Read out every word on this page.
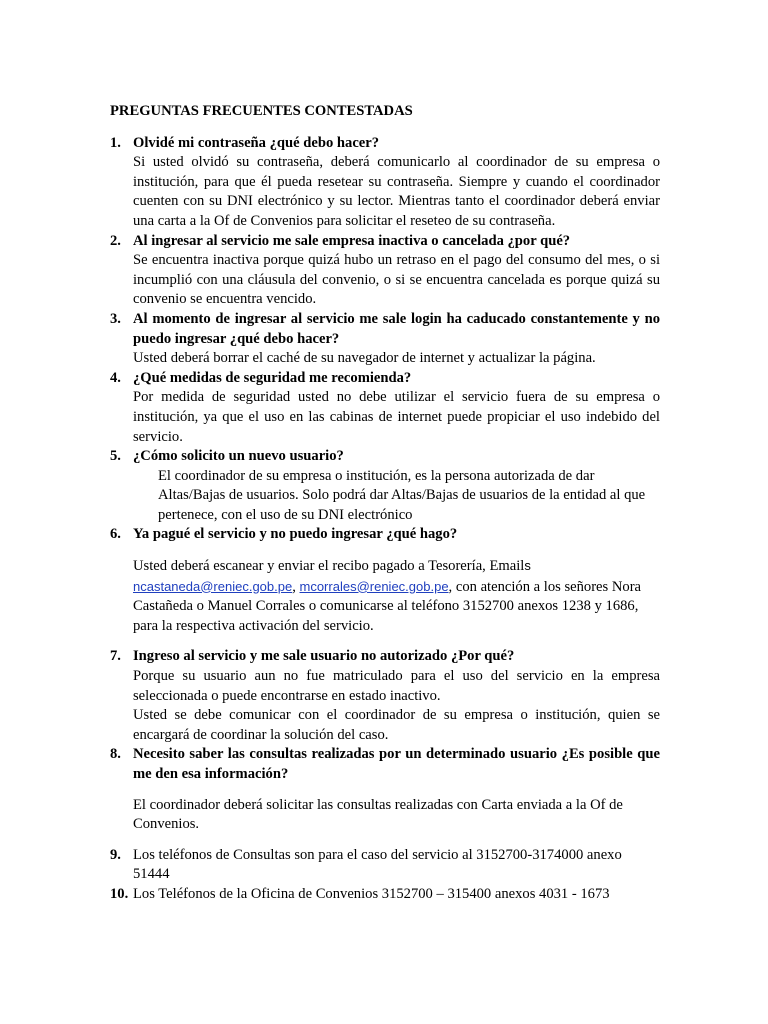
PREGUNTAS FRECUENTES CONTESTADAS
1. Olvidé mi contraseña ¿qué debo hacer?
Si usted olvidó su contraseña, deberá comunicarlo al coordinador de su empresa o institución, para que él pueda resetear su contraseña. Siempre y cuando el coordinador cuenten con su DNI electrónico y su lector. Mientras tanto el coordinador deberá enviar una carta a la Of de Convenios para solicitar el reseteo de su contraseña.
2. Al ingresar al servicio me sale empresa inactiva o cancelada ¿por qué?
Se encuentra inactiva porque quizá hubo un retraso en el pago del consumo del mes, o si incumplió con una cláusula del convenio, o si se encuentra cancelada es porque quizá su convenio se encuentra vencido.
3. Al momento de ingresar al servicio me sale login ha caducado constantemente y no puedo ingresar ¿qué debo hacer?
Usted deberá borrar el caché de su navegador de internet y actualizar la página.
4. ¿Qué medidas de seguridad me recomienda?
Por medida de seguridad usted no debe utilizar el servicio fuera de su empresa o institución, ya que el uso en las cabinas de internet puede propiciar el uso indebido del servicio.
5. ¿Cómo solicito un nuevo usuario?
El coordinador de su empresa o institución, es la persona autorizada de dar Altas/Bajas de usuarios. Solo podrá dar Altas/Bajas de usuarios de la entidad al que pertenece, con el uso de su DNI electrónico
6. Ya pagué el servicio y no puedo ingresar ¿qué hago?
Usted deberá escanear y enviar el recibo pagado a Tesorería, Emails
ncastaneda@reniec.gob.pe, mcorrales@reniec.gob.pe, con atención a los señores Nora Castañeda o Manuel Corrales o comunicarse al teléfono 3152700 anexos 1238 y 1686, para la respectiva activación del servicio.
7. Ingreso al servicio y me sale usuario no autorizado ¿Por qué?
Porque su usuario aun no fue matriculado para el uso del servicio en la empresa seleccionada o puede encontrarse en estado inactivo.
Usted se debe comunicar con el coordinador de su empresa o institución, quien se encargará de coordinar la solución del caso.
8. Necesito saber las consultas realizadas por un determinado usuario ¿Es posible que me den esa información?
El coordinador deberá solicitar las consultas realizadas con Carta enviada a la Of de Convenios.
9. Los teléfonos de Consultas son para el caso del servicio al 3152700-3174000 anexo 51444
10. Los Teléfonos de la Oficina de Convenios 3152700 – 315400 anexos 4031 - 1673
